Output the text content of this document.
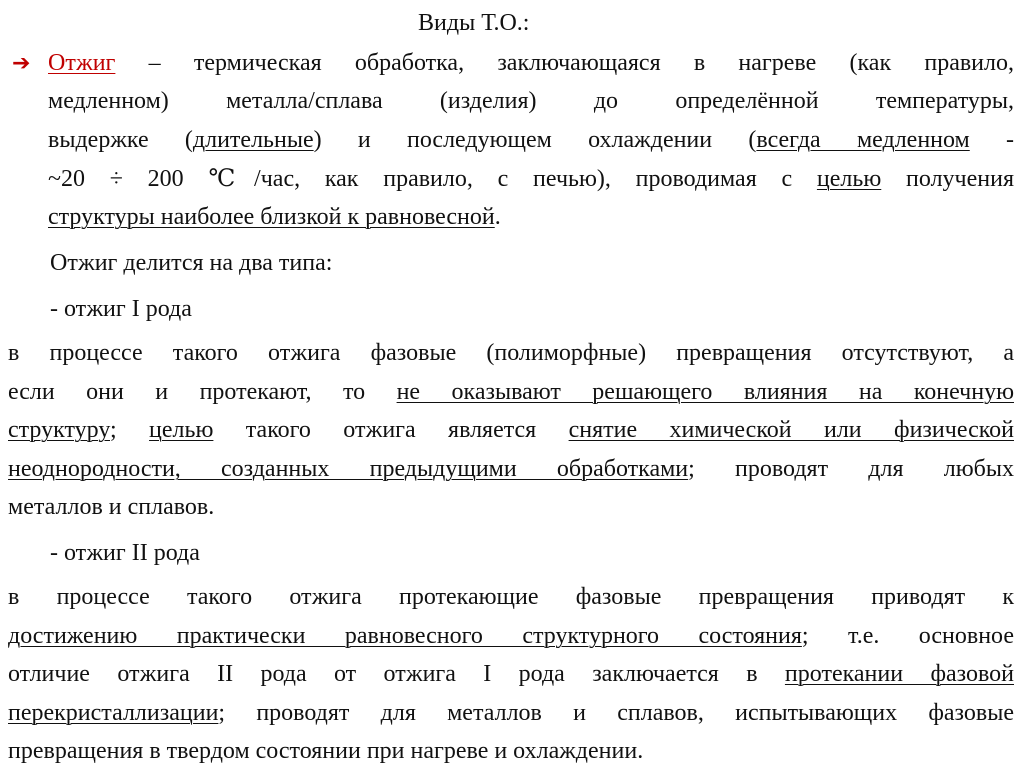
Виды Т.О.:

➔ Отжиг – термическая обработка, заключающаяся в нагреве (как правило,

медленном) металла/сплава (изделия) до определённой температуры,

выдержке (длительные) и последующем охлаждении (всегда медленном -

~20 ÷ 200 ℃/час, как правило, с печью), проводимая с целью получения

структуры наиболее близкой к равновесной.

Отжиг делится на два типа:

- отжиг I рода

в процессе такого отжига фазовые (полиморфные) превращения отсутствуют, а

если они и протекают, то не оказывают решающего влияния на конечную

структуру; целью такого отжига является снятие химической или физической

неоднородности, созданных предыдущими обработками; проводят для любых

металлов и сплавов.

- отжиг II рода

в процессе такого отжига протекающие фазовые превращения приводят к

достижению практически равновесного структурного состояния; т.е. основное

отличие отжига II рода от отжига I рода заключается в протекании фазовой

перекристаллизации; проводят для металлов и сплавов, испытывающих фазовые

превращения в твердом состоянии при нагреве и охлаждении.
